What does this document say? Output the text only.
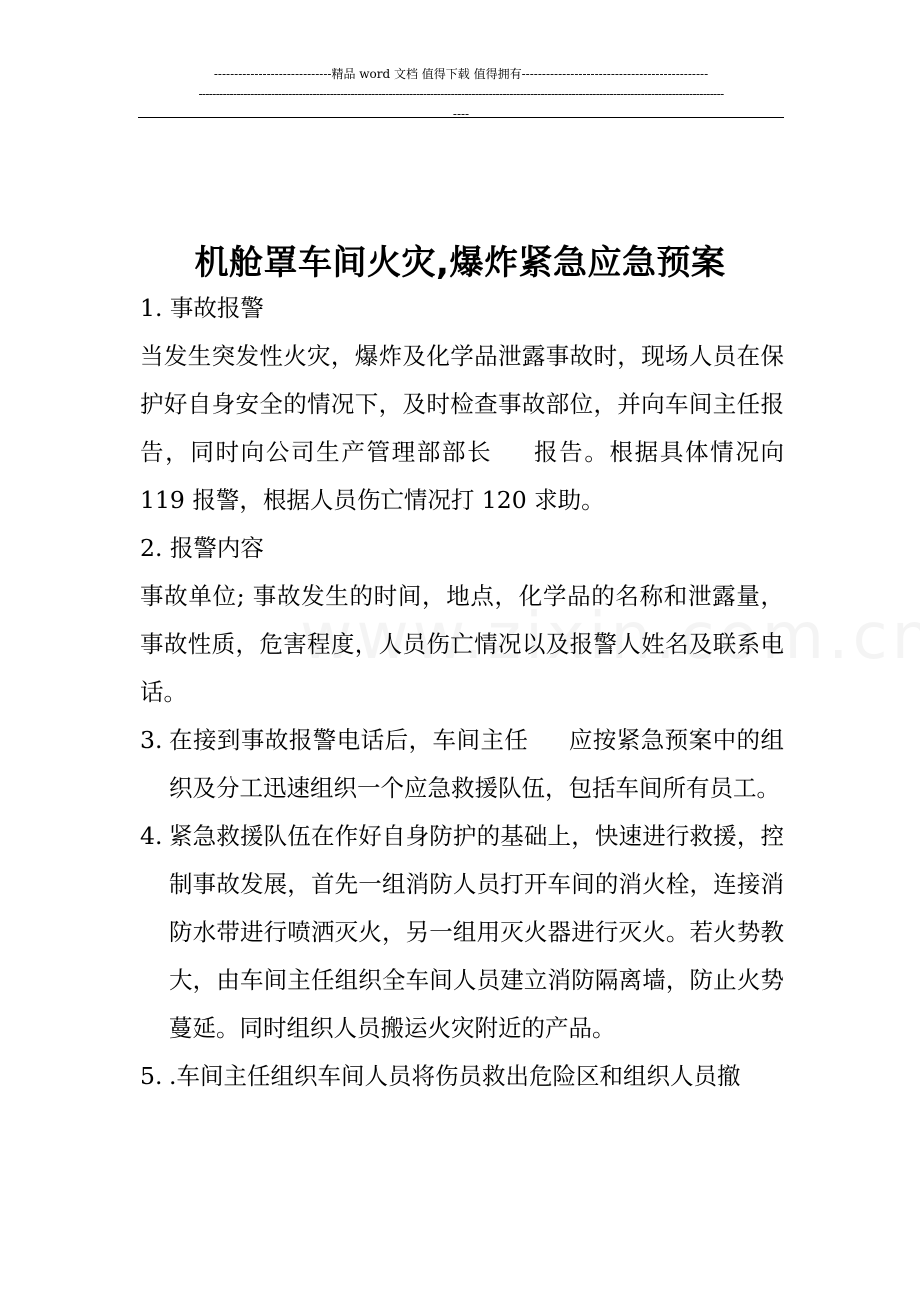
-----------------------------精品 word 文档 值得下载 值得拥有----------------------------------------------
--------------------------------------------------------------------------------------------------------------------------------------------------------
----
机舱罩车间火灾,爆炸紧急应急预案

1. 事故报警

当发生突发性火灾，爆炸及化学品泄露事故时，现场人员在保护好自身安全的情况下，及时检查事故部位，并向车间主任报告，同时向公司生产管理部部长 报告。根据具体情况向 119 报警，根据人员伤亡情况打 120 求助。

2. 报警内容

事故单位; 事故发生的时间，地点，化学品的名称和泄露量，事故性质，危害程度，人员伤亡情况以及报警人姓名及联系电话。

3. 在接到事故报警电话后，车间主任 应按紧急预案中的组织及分工迅速组织一个应急救援队伍，包括车间所有员工。

4. 紧急救援队伍在作好自身防护的基础上，快速进行救援，控制事故发展，首先一组消防人员打开车间的消火栓，连接消防水带进行喷洒灭火，另一组用灭火器进行灭火。若火势教大，由车间主任组织全车间人员建立消防隔离墙，防止火势蔓延。同时组织人员搬运火灾附近的产品。

5. .车间主任组织车间人员将伤员救出危险区和组织人员撤
